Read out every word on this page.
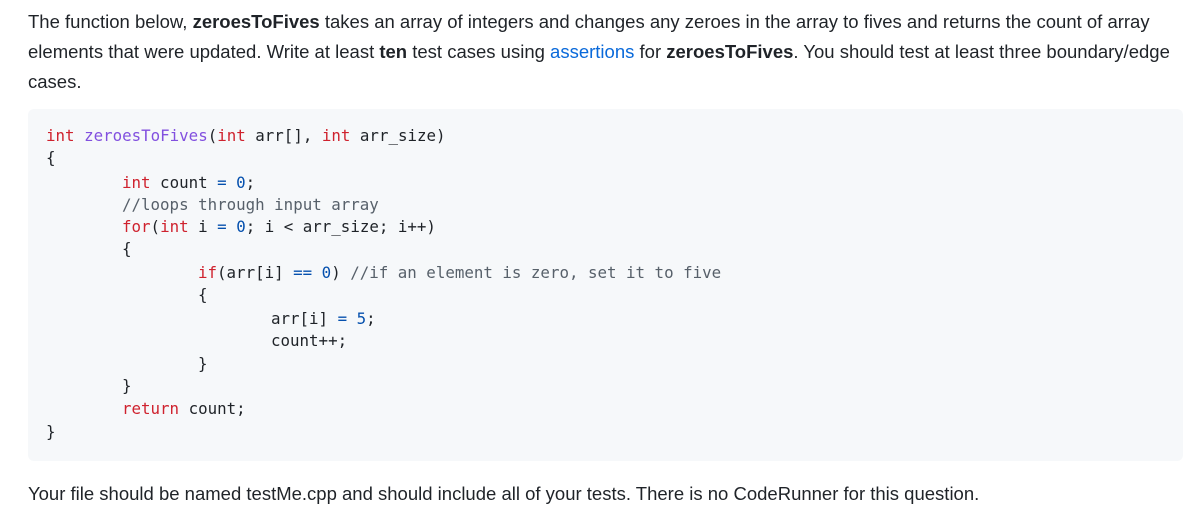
The function below, zeroesToFives takes an array of integers and changes any zeroes in the array to fives and returns the count of array elements that were updated. Write at least ten test cases using assertions for zeroesToFives. You should test at least three boundary/edge cases.

int zeroesToFives(int arr[], int arr_size)
{
int count = 0;
//loops through input array
for(int i = 0; i < arr_size; i++)
{
if(arr[i] == 0) //if an element is zero, set it to five
{
arr[i] = 5;
count++;
}
}
return count;
}

Your file should be named testMe.cpp and should include all of your tests. There is no CodeRunner for this question.
